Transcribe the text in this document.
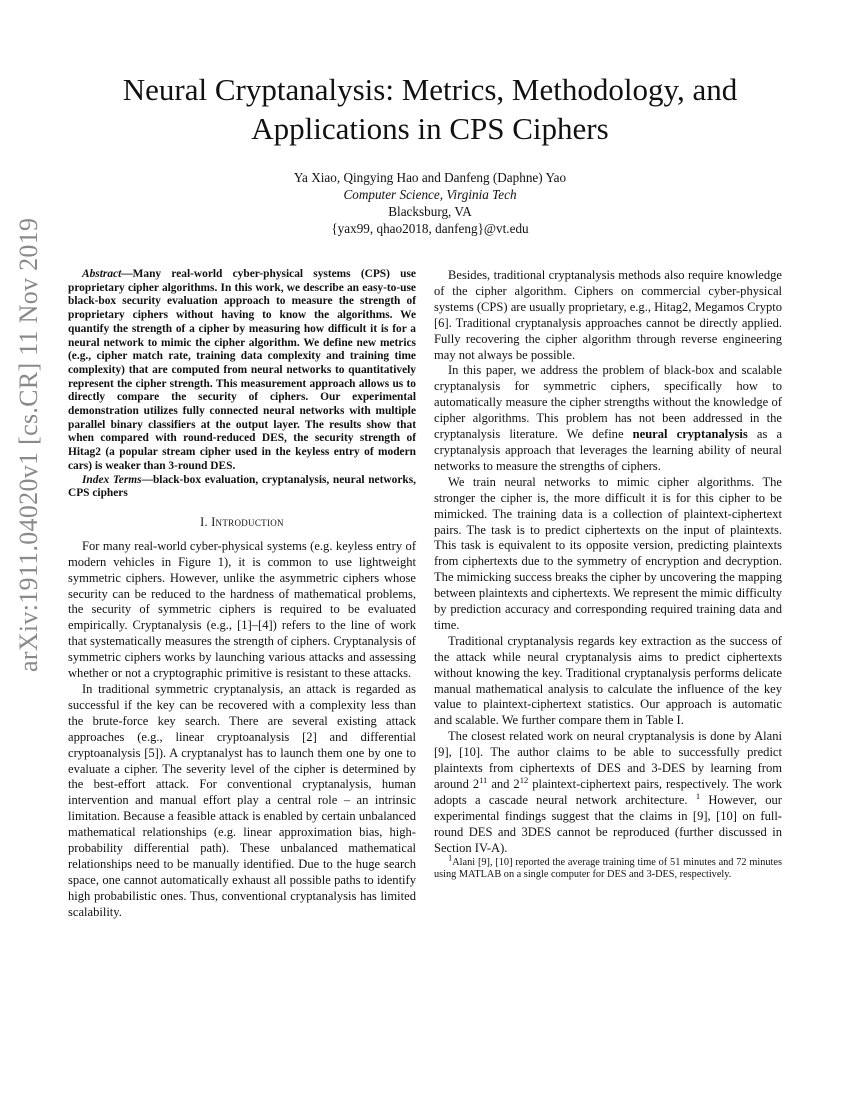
arXiv:1911.04020v1 [cs.CR] 11 Nov 2019
Neural Cryptanalysis: Metrics, Methodology, and
Applications in CPS Ciphers
Ya Xiao, Qingying Hao and Danfeng (Daphne) Yao
Computer Science, Virginia Tech
Blacksburg, VA
{yax99, qhao2018, danfeng}@vt.edu

Abstract—Many real-world cyber-physical systems (CPS) use proprietary cipher algorithms. In this work, we describe an easy-to-use black-box security evaluation approach to measure the strength of proprietary ciphers without having to know the algorithms. We quantify the strength of a cipher by measuring how difficult it is for a neural network to mimic the cipher algorithm. We define new metrics (e.g., cipher match rate, training data complexity and training time complexity) that are computed from neural networks to quantitatively represent the cipher strength. This measurement approach allows us to directly compare the security of ciphers. Our experimental demonstration utilizes fully connected neural networks with multiple parallel binary classifiers at the output layer. The results show that when compared with round-reduced DES, the security strength of Hitag2 (a popular stream cipher used in the keyless entry of modern cars) is weaker than 3-round DES.

Index Terms—black-box evaluation, cryptanalysis, neural networks, CPS ciphers

I. Introduction

For many real-world cyber-physical systems (e.g. keyless entry of modern vehicles in Figure 1), it is common to use lightweight symmetric ciphers. However, unlike the asymmetric ciphers whose security can be reduced to the hardness of mathematical problems, the security of symmetric ciphers is required to be evaluated empirically. Cryptanalysis (e.g., [1]–[4]) refers to the line of work that systematically measures the strength of ciphers. Cryptanalysis of symmetric ciphers works by launching various attacks and assessing whether or not a cryptographic primitive is resistant to these attacks.

In traditional symmetric cryptanalysis, an attack is regarded as successful if the key can be recovered with a complexity less than the brute-force key search. There are several existing attack approaches (e.g., linear cryptoanalysis [2] and differential cryptoanalysis [5]). A cryptanalyst has to launch them one by one to evaluate a cipher. The severity level of the cipher is determined by the best-effort attack. For conventional cryptanalysis, human intervention and manual effort play a central role – an intrinsic limitation. Because a feasible attack is enabled by certain unbalanced mathematical relationships (e.g. linear approximation bias, high-probability differential path). These unbalanced mathematical relationships need to be manually identified. Due to the huge search space, one cannot automatically exhaust all possible paths to identify high probabilistic ones. Thus, conventional cryptanalysis has limited scalability.

Besides, traditional cryptanalysis methods also require knowledge of the cipher algorithm. Ciphers on commercial cyber-physical systems (CPS) are usually proprietary, e.g., Hitag2, Megamos Crypto [6]. Traditional cryptanalysis approaches cannot be directly applied. Fully recovering the cipher algorithm through reverse engineering may not always be possible.

In this paper, we address the problem of black-box and scalable cryptanalysis for symmetric ciphers, specifically how to automatically measure the cipher strengths without the knowledge of cipher algorithms. This problem has not been addressed in the cryptanalysis literature. We define neural cryptanalysis as a cryptanalysis approach that leverages the learning ability of neural networks to measure the strengths of ciphers.

We train neural networks to mimic cipher algorithms. The stronger the cipher is, the more difficult it is for this cipher to be mimicked. The training data is a collection of plaintext-ciphertext pairs. The task is to predict ciphertexts on the input of plaintexts. This task is equivalent to its opposite version, predicting plaintexts from ciphertexts due to the symmetry of encryption and decryption. The mimicking success breaks the cipher by uncovering the mapping between plaintexts and ciphertexts. We represent the mimic difficulty by prediction accuracy and corresponding required training data and time.

Traditional cryptanalysis regards key extraction as the success of the attack while neural cryptanalysis aims to predict ciphertexts without knowing the key. Traditional cryptanalysis performs delicate manual mathematical analysis to calculate the influence of the key value to plaintext-ciphertext statistics. Our approach is automatic and scalable. We further compare them in Table I.

The closest related work on neural cryptanalysis is done by Alani [9], [10]. The author claims to be able to successfully predict plaintexts from ciphertexts of DES and 3-DES by learning from around $2^{11}$ and $2^{12}$ plaintext-ciphertext pairs, respectively. The work adopts a cascade neural network architecture. $^1$ However, our experimental findings suggest that the claims in [9], [10] on full-round DES and 3DES cannot be reproduced (further discussed in Section IV-A).

$^1$Alani [9], [10] reported the average training time of 51 minutes and 72 minutes using MATLAB on a single computer for DES and 3-DES, respectively.
